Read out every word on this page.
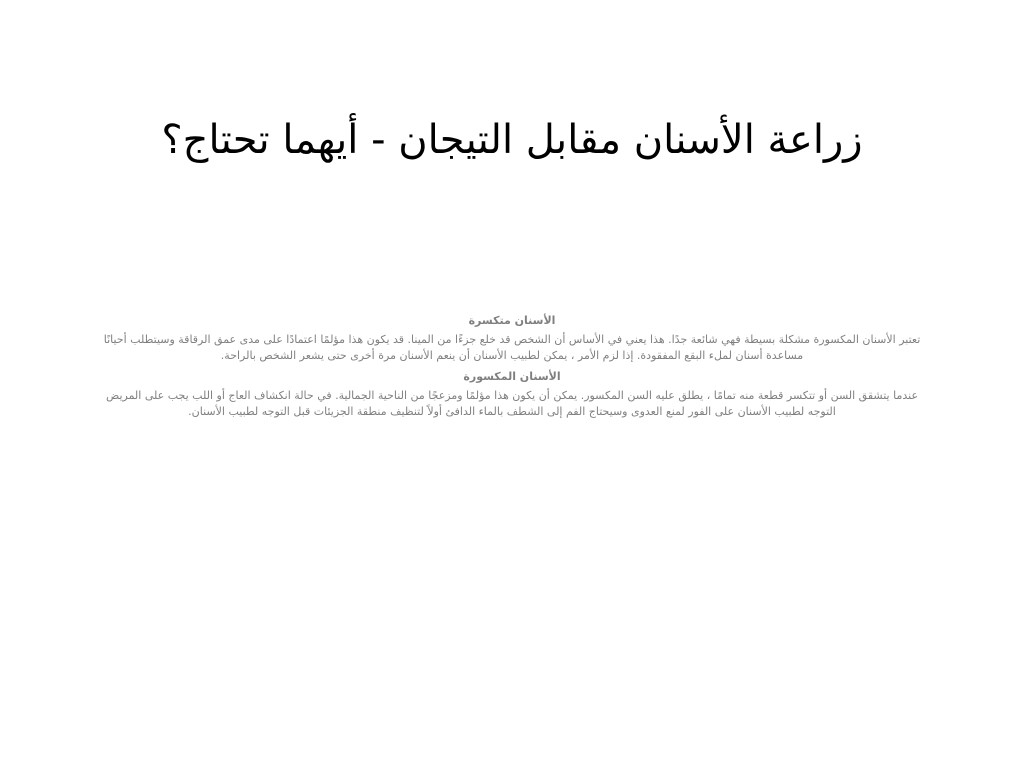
زراعة الأسنان مقابل التيجان - أيهما تحتاج؟

الأسنان متكسرة

تعتبر الأسنان المكسورة مشكلة بسيطة فهي شائعة جدًا. هذا يعني في الأساس أن الشخص قد خلع جزءًا من المينا. قد يكون هذا مؤلمًا اعتمادًا على مدى عمق الرقاقة وسيتطلب أحيانًا مساعدة أسنان لملء البقع المفقودة. إذا لزم الأمر ، يمكن لطبيب الأسنان أن ينعم الأسنان مرة أخرى حتى يشعر الشخص بالراحة.

الأسنان المكسورة

عندما يتشقق السن أو تتكسر قطعة منه تمامًا ، يطلق عليه السن المكسور. يمكن أن يكون هذا مؤلمًا ومزعجًا من الناحية الجمالية. في حالة انكشاف العاج أو اللب يجب على المريض التوجه لطبيب الأسنان على الفور لمنع العدوى وسيحتاج الفم إلى الشطف بالماء الدافئ أولاً لتنظيف منطقة الجزيئات قبل التوجه لطبيب الأسنان.
